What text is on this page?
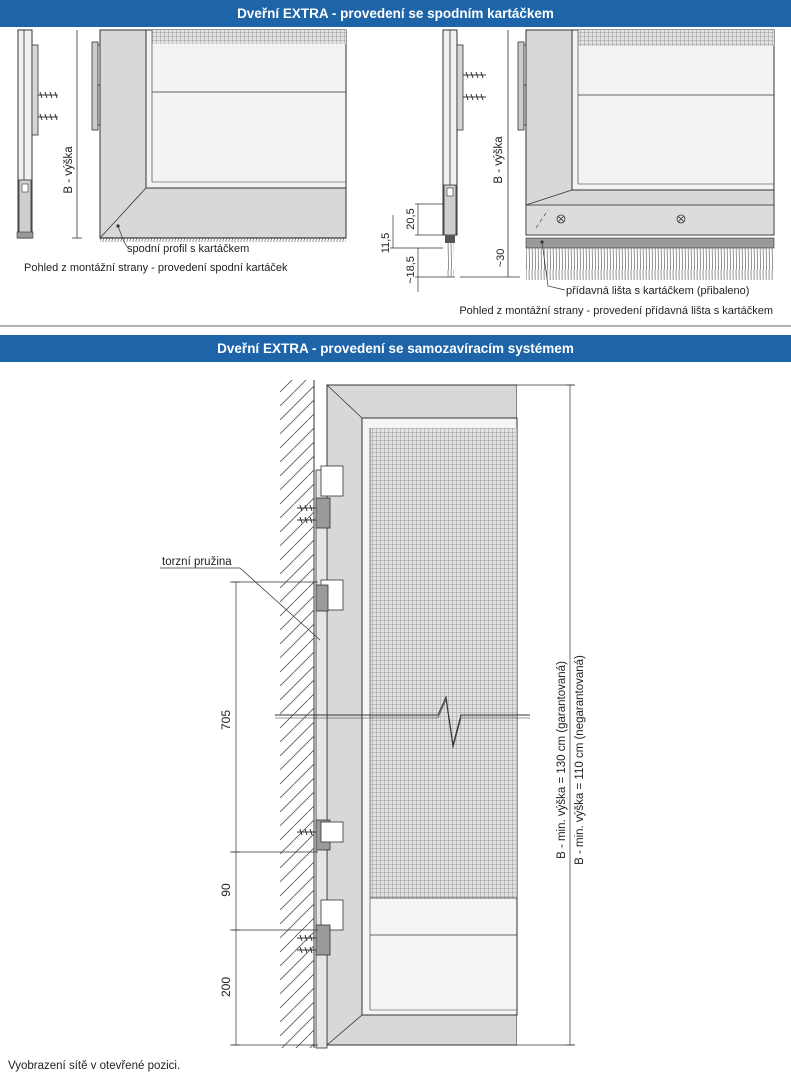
Dveřní EXTRA - provedení se spodním kartáčkem
Dveřní EXTRA - provedení se samozavíracím systémem
B - výška
spodní profil s kartáčkem
Pohled z montážní strany - provedení spodní kartáček
B - výška
20,5
11,5
~18,5	~30
přídavná lišta s kartáčkem (přibaleno)
Pohled z montážní strany - provedení přídavná lišta s kartáčkem
torzní pružina
705
90
200
B - min. výška = 130 cm (garantovaná) B - min. výška = 110 cm (negarantovaná)
Vyobrazení sítě v otevřené pozici.
